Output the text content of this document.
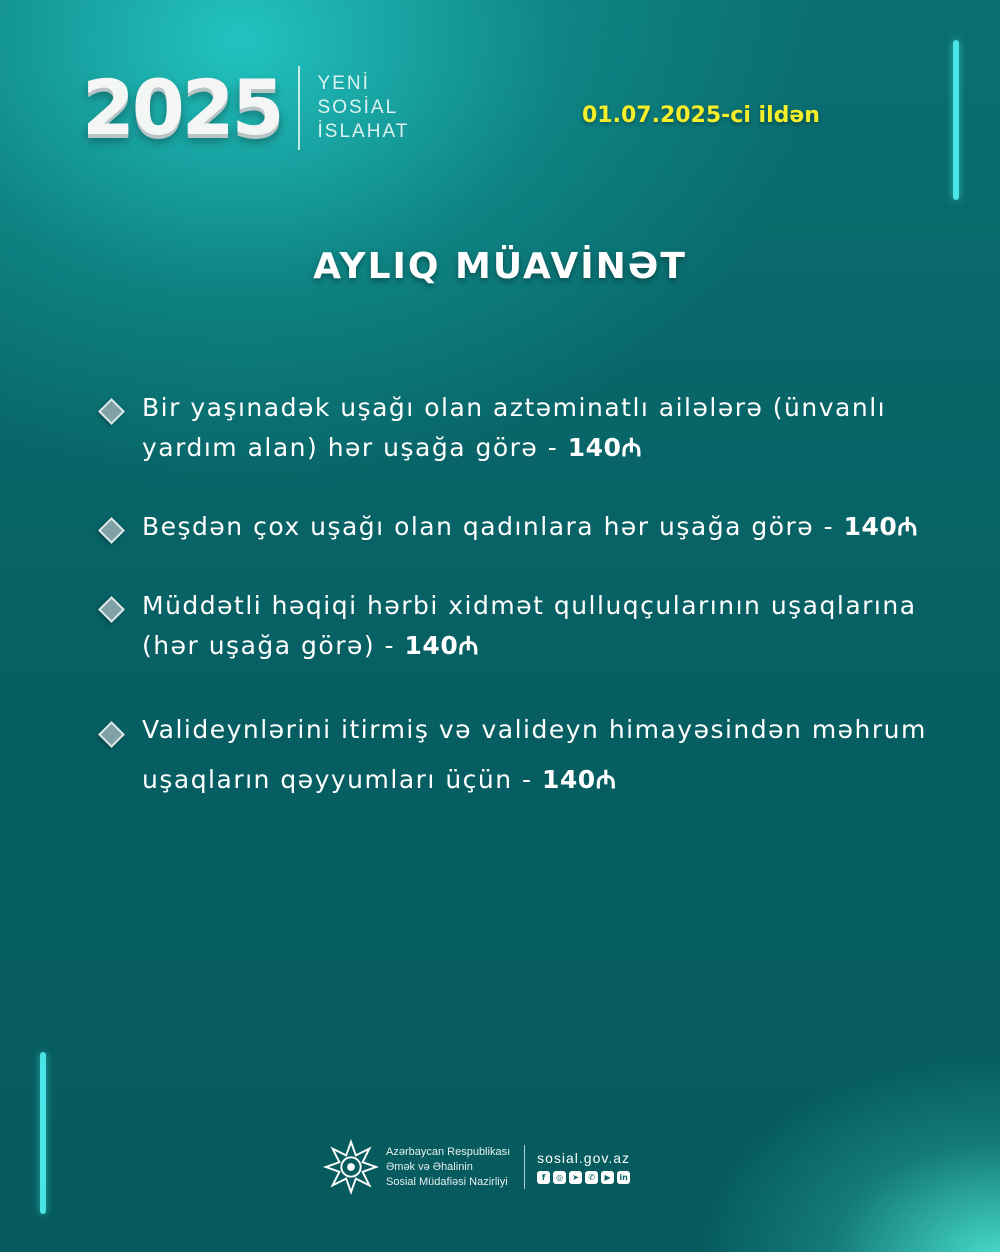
2025 YENİ
SOSİAL
İSLAHAT
01.07.2025-ci ildən
AYLIQ MÜAVİNƏT
Bir yaşınadək uşağı olan aztəminatlı ailələrə (ünvanlı yardım alan) hər uşağa görə - 140₼
Beşdən çox uşağı olan qadınlara hər uşağa görə - 140₼
Müddətli həqiqi hərbi xidmət qulluqçularının uşaqlarına (hər uşağa görə) - 140₼
Valideynlərini itirmiş və valideyn himayəsindən məhrum uşaqların qəyyumları üçün - 140₼
Azərbaycan Respublikası
Əmək və Əhalinin
Sosial Müdafiəsi Nazirliyi
sosial.gov.az
f	◎	➤	✆	▶	in
